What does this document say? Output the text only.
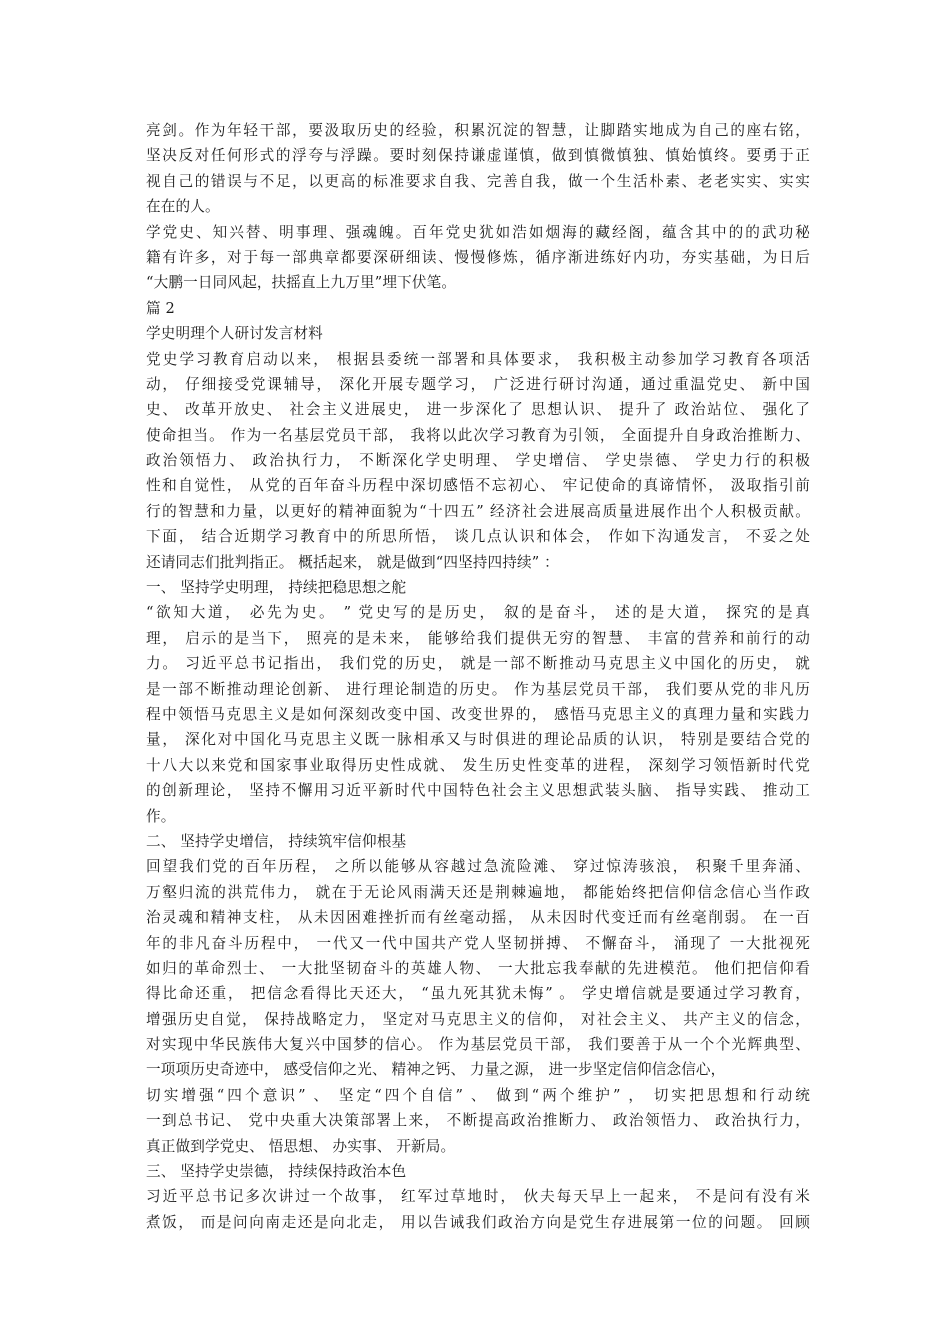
亮剑。作为年轻干部，要汲取历史的经验，积累沉淀的智慧，让脚踏实地成为自己的座右铭，
坚决反对任何形式的浮夸与浮躁。要时刻保持谦虚谨慎，做到慎微慎独、慎始慎终。要勇于正
视自己的错误与不足，以更高的标准要求自我、完善自我，做一个生活朴素、老老实实、实实
在在的人。
学党史、知兴替、明事理、强魂魄。百年党史犹如浩如烟海的藏经阁，蕴含其中的的武功秘
籍有许多，对于每一部典章都要深研细读、慢慢修炼，循序渐进练好内功，夯实基础，为日后
“大鹏一日同风起，扶摇直上九万里”埋下伏笔。
篇 2
学史明理个人研讨发言材料
党史学习教育启动以来， 根据县委统一部署和具体要求， 我积极主动参加学习教育各项活
动， 仔细接受党课辅导， 深化开展专题学习， 广泛进行研讨沟通，通过重温党史、 新中国
史、 改革开放史、 社会主义进展史， 进一步深化了 思想认识、 提升了 政治站位、 强化了
使命担当。 作为一名基层党员干部， 我将以此次学习教育为引领， 全面提升自身政治推断力、
政治领悟力、 政治执行力， 不断深化学史明理、 学史增信、 学史崇德、 学史力行的积极
性和自觉性， 从党的百年奋斗历程中深切感悟不忘初心、 牢记使命的真谛情怀， 汲取指引前
行的智慧和力量，以更好的精神面貌为“十四五” 经济社会进展高质量进展作出个人积极贡献。
下面， 结合近期学习教育中的所思所悟， 谈几点认识和体会， 作如下沟通发言， 不妥之处
还请同志们批判指正。 概括起来， 就是做到“四坚持四持续” ：
一、 坚持学史明理， 持续把稳思想之舵
“欲知大道， 必先为史。 ” 党史写的是历史， 叙的是奋斗， 述的是大道， 探究的是真
理， 启示的是当下， 照亮的是未来， 能够给我们提供无穷的智慧、 丰富的营养和前行的动
力。 习近平总书记指出， 我们党的历史， 就是一部不断推动马克思主义中国化的历史， 就
是一部不断推动理论创新、 进行理论制造的历史。 作为基层党员干部， 我们要从党的非凡历
程中领悟马克思主义是如何深刻改变中国、改变世界的， 感悟马克思主义的真理力量和实践力
量， 深化对中国化马克思主义既一脉相承又与时俱进的理论品质的认识， 特别是要结合党的
十八大以来党和国家事业取得历史性成就、 发生历史性变革的进程， 深刻学习领悟新时代党
的创新理论， 坚持不懈用习近平新时代中国特色社会主义思想武装头脑、 指导实践、 推动工
作。
二、 坚持学史增信， 持续筑牢信仰根基
回望我们党的百年历程， 之所以能够从容越过急流险滩、 穿过惊涛骇浪， 积聚千里奔涌、
万壑归流的洪荒伟力， 就在于无论风雨满天还是荆棘遍地， 都能始终把信仰信念信心当作政
治灵魂和精神支柱， 从未因困难挫折而有丝毫动摇， 从未因时代变迁而有丝毫削弱。 在一百
年的非凡奋斗历程中， 一代又一代中国共产党人坚韧拼搏、 不懈奋斗， 涌现了 一大批视死
如归的革命烈士、 一大批坚韧奋斗的英雄人物、 一大批忘我奉献的先进模范。 他们把信仰看
得比命还重， 把信念看得比天还大， “虽九死其犹未悔” 。 学史增信就是要通过学习教育，
增强历史自觉， 保持战略定力， 坚定对马克思主义的信仰， 对社会主义、 共产主义的信念，
对实现中华民族伟大复兴中国梦的信心。 作为基层党员干部， 我们要善于从一个个光辉典型、
一项项历史奇迹中， 感受信仰之光、 精神之钙、 力量之源， 进一步坚定信仰信念信心，
切实增强“四个意识” 、 坚定“四个自信” 、 做到“两个维护” ， 切实把思想和行动统
一到总书记、 党中央重大决策部署上来， 不断提高政治推断力、 政治领悟力、 政治执行力，
真正做到学党史、 悟思想、 办实事、 开新局。
三、 坚持学史崇德， 持续保持政治本色
习近平总书记多次讲过一个故事， 红军过草地时， 伙夫每天早上一起来， 不是问有没有米
煮饭， 而是问向南走还是向北走， 用以告诫我们政治方向是党生存进展第一位的问题。 回顾
